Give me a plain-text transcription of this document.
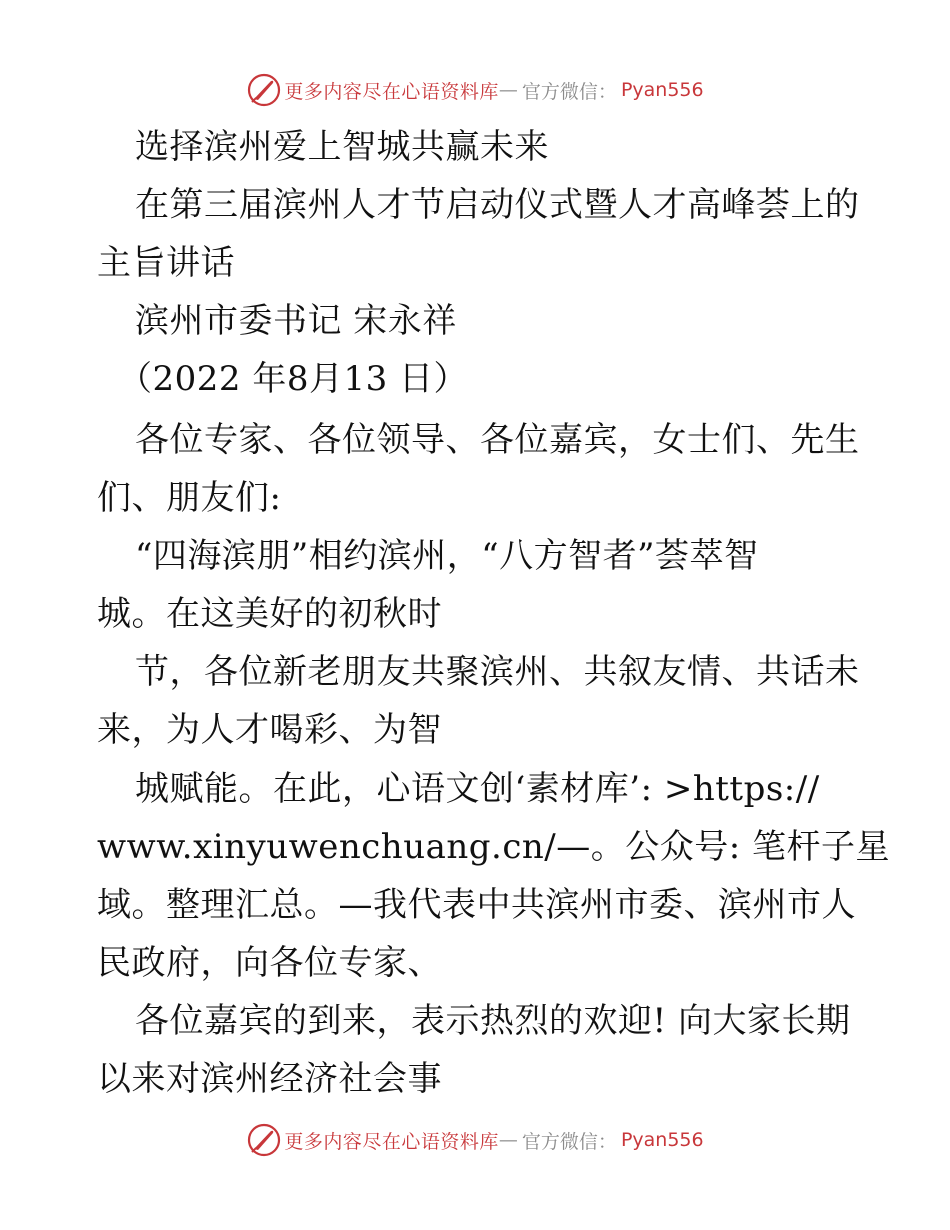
更多内容尽在心语资料库 — 官方微信： Pyan556

选择滨州爱上智城共赢未来

在第三届滨州人才节启动仪式暨人才高峰荟上的

主旨讲话

滨州市委书记 宋永祥

（2022 年8月13 日）

各位专家、各位领导、各位嘉宾，女士们、先生

们、朋友们:

“四海滨朋”相约滨州，“八方智者”荟萃智

城。在这美好的初秋时

节，各位新老朋友共聚滨州、共叙友情、共话未

来，为人才喝彩、为智

城赋能。在此，心语文创‘素材库’: >https://

www.xinyuwenchuang.cn/—。公众号: 笔杆子星

域。整理汇总。—我代表中共滨州市委、滨州市人

民政府，向各位专家、

各位嘉宾的到来，表示热烈的欢迎! 向大家长期

以来对滨州经济社会事

更多内容尽在心语资料库 — 官方微信： Pyan556
